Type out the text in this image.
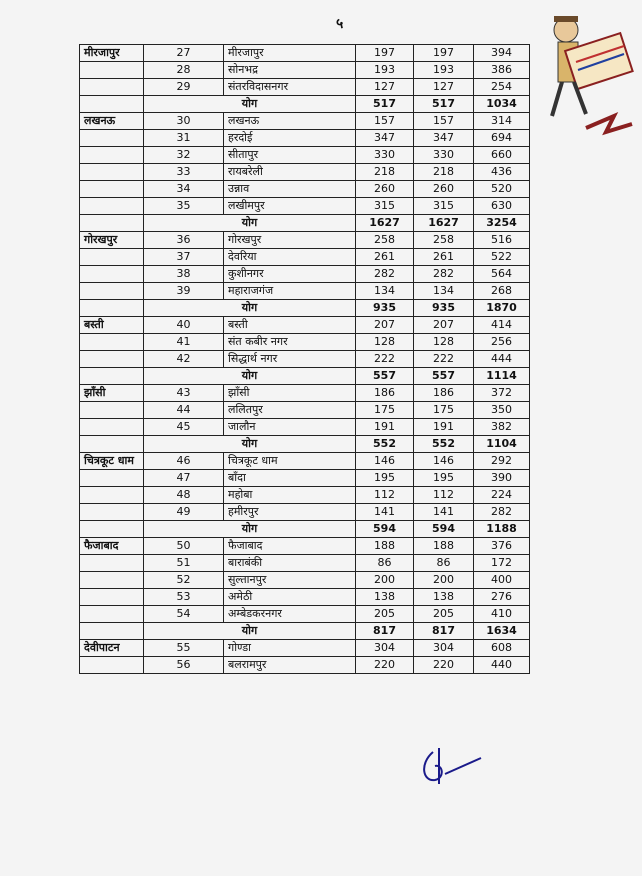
५
मीरजापुर	27	मीरजापुर	197	197	394
	28	सोनभद्र	193	193	386
	29	संतरविदासनगर	127	127	254
	योग		517	517	1034
लखनऊ	30	लखनऊ	157	157	314
	31	हरदोई	347	347	694
	32	सीतापुर	330	330	660
	33	रायबरेली	218	218	436
	34	उन्नाव	260	260	520
	35	लखीमपुर	315	315	630
	योग		1627	1627	3254
गोरखपुर	36	गोरखपुर	258	258	516
	37	देवरिया	261	261	522
	38	कुशीनगर	282	282	564
	39	महाराजगंज	134	134	268
	योग		935	935	1870
बस्ती	40	बस्ती	207	207	414
	41	संत कबीर नगर	128	128	256
	42	सिद्धार्थ नगर	222	222	444
	योग		557	557	1114
झाँसी	43	झाँसी	186	186	372
	44	ललितपुर	175	175	350
	45	जालौन	191	191	382
	योग		552	552	1104
चित्रकूट धाम	46	चित्रकूट धाम	146	146	292
	47	बाँदा	195	195	390
	48	महोबा	112	112	224
	49	हमीरपुर	141	141	282
	योग		594	594	1188
फैजाबाद	50	फैजाबाद	188	188	376
	51	बाराबंकी	86	86	172
	52	सुल्तानपुर	200	200	400
	53	अमेठी	138	138	276
	54	अम्बेडकरनगर	205	205	410
	योग		817	817	1634
देवीपाटन	55	गोण्डा	304	304	608
	56	बलरामपुर	220	220	440
